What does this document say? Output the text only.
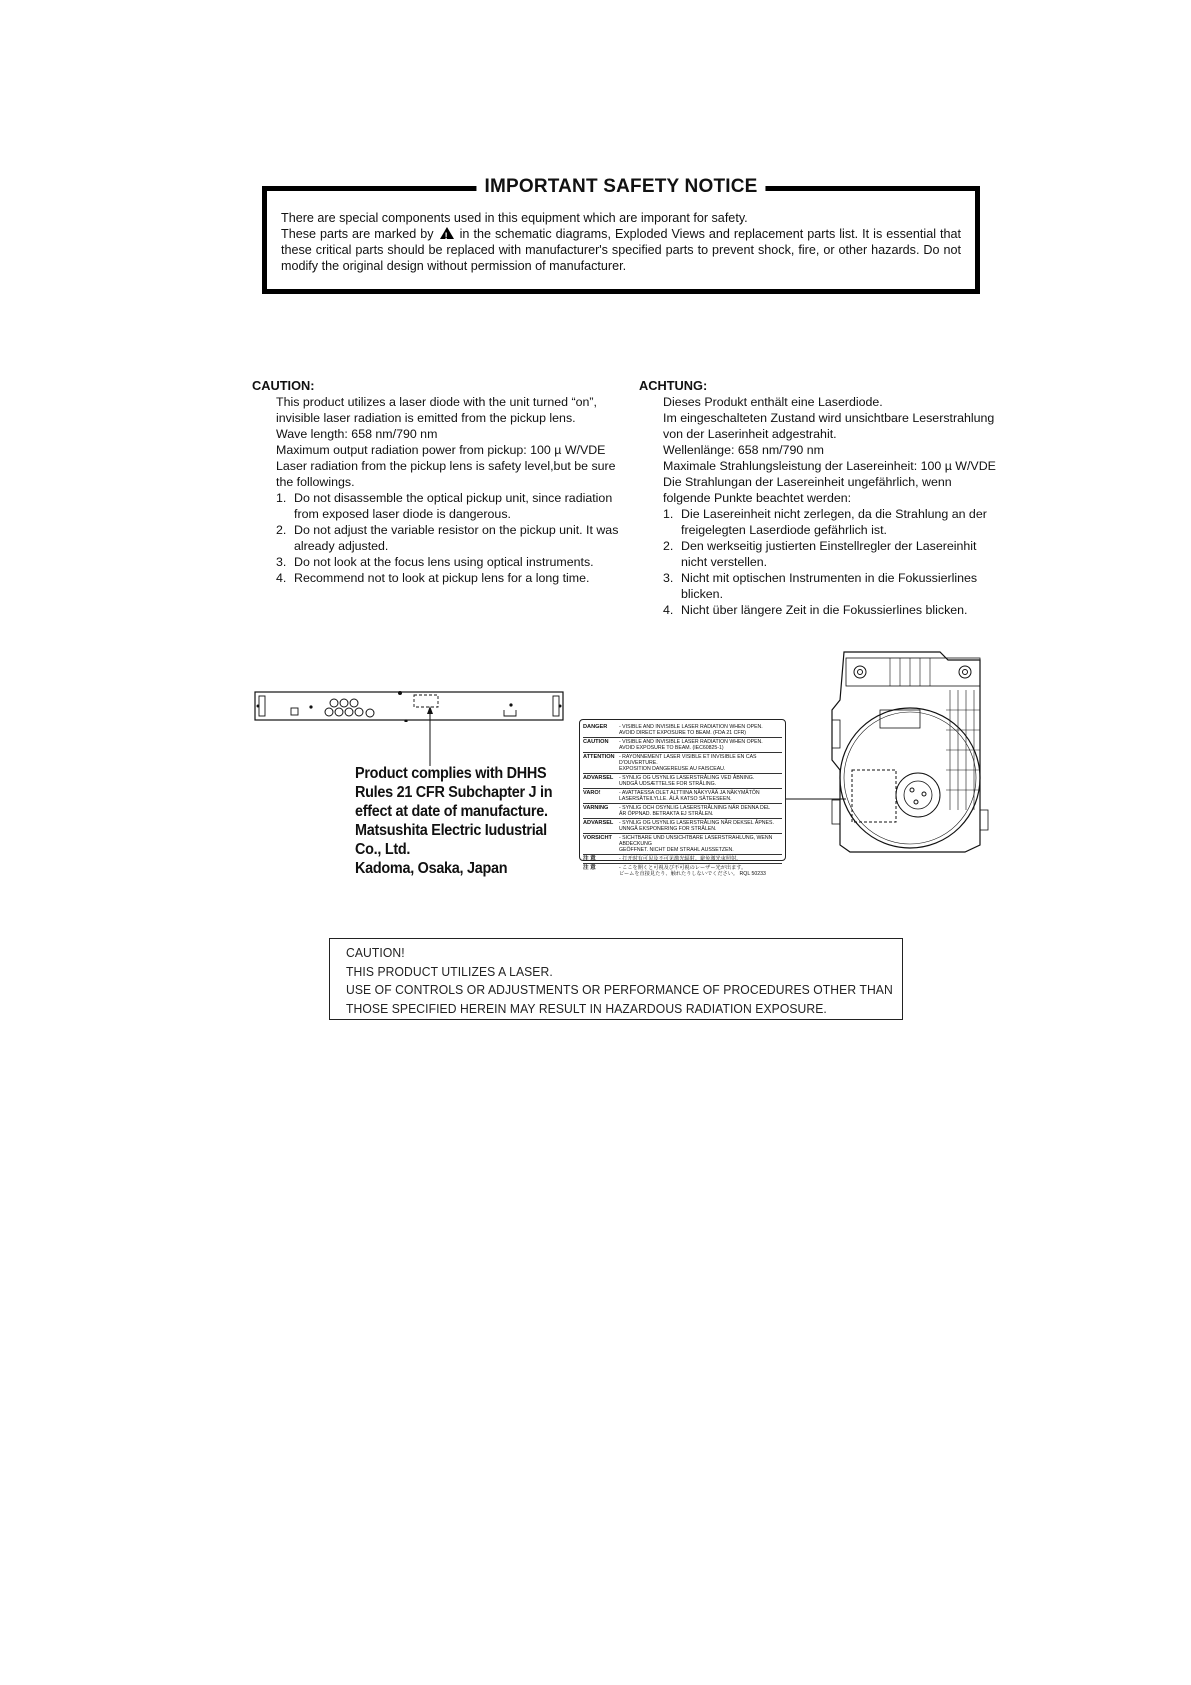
IMPORTANT SAFETY NOTICE

There are special components used in this equipment which are imporant for safety.
These parts are marked by ! in the schematic diagrams, Exploded Views and replacement parts list. It is essential that these critical parts should be replaced with manufacturer's specified parts to prevent shock, fire, or other hazards. Do not modify the original design without permission of manufacturer.

CAUTION:
This product utilizes a laser diode with the unit turned “on”, invisible laser radiation is emitted from the pickup lens.
Wave length: 658 nm/790 nm
Maximum output radiation power from pickup: 100 µ W/VDE
Laser radiation from the pickup lens is safety level,but be sure the followings.
1. Do not disassemble the optical pickup unit, since radiation from exposed laser diode is dangerous.
2. Do not adjust the variable resistor on the pickup unit. It was already adjusted.
3. Do not look at the focus lens using optical instruments.
4. Recommend not to look at pickup lens for a long time.
ACHTUNG:
Dieses Produkt enthält eine Laserdiode.
Im eingeschalteten Zustand wird unsichtbare Leserstrahlung von der Laserinheit adgestrahit.
Wellenlänge: 658 nm/790 nm
Maximale Strahlungsleistung der Lasereinheit: 100 µ W/VDE
Die Strahlungan der Lasereinheit ungefährlich, wenn folgende Punkte beachtet werden:
1. Die Lasereinheit nicht zerlegen, da die Strahlung an der freigelegten Laserdiode gefährlich ist.
2. Den werkseitig justierten Einstellregler der Lasereinhit nicht verstellen.
3. Nicht mit optischen Instrumenten in die Fokussierlines blicken.
4. Nicht über längere Zeit in die Fokussierlines blicken.
Product complies with DHHS
Rules 21 CFR Subchapter J in
effect at date of manufacture.
Matsushita Electric Iudustrial
Co., Ltd.
Kadoma, Osaka, Japan
DANGER	- VISIBLE AND INVISIBLE LASER RADIATION WHEN OPEN.
AVOID DIRECT EXPOSURE TO BEAM. (FDA 21 CFR)
CAUTION	- VISIBLE AND INVISIBLE LASER RADIATION WHEN OPEN.
AVOID EXPOSURE TO BEAM. (IEC60825-1)
ATTENTION - RAYONNEMENT LASER VISIBLE ET INVISIBLE EN CAS D'OUVERTURE.
EXPOSITION DANGEREUSE AU FAISCEAU.
ADVARSEL	- SYNLIG OG USYNLIG LASERSTRÅLING VED ÅBNING.
UNDGÅ UDSÆTTELSE FOR STRÅLING.
VARO!	- AVATTAESSA OLET ALTTIINA NÄKYVÄÄ JA NÄKYMÄTÖN
LASERSÄTEILYLLE. ÄLÄ KATSO SÄTEESEEN.
VARNING	- SYNLIG OCH OSYNLIG LASERSTRÅLNING NÄR DENNA DEL
ÄR ÖPPNAD. BETRAKTA EJ STRÅLEN.
ADVARSEL	- SYNLIG OG USYNLIG LASERSTRÅLING NÅR DEKSEL ÅPNES.
UNNGÅ EKSPONERING FOR STRÅLEN.
VORSICHT	- SICHTBARE UND UNSICHTBARE LASERSTRAHLUNG, WENN ABDECKUNG
GEÖFFNET. NICHT DEM STRAHL AUSSETZEN.
注 意	- 打开时有可见及不可见激光辐射。避免激光束照射。
注 意	- ここを開くと可視及び不可視のレーザー光が出ます。
ビームを直接見たり、触れたりしないでください。 RQL 50233
CAUTION!
THIS PRODUCT UTILIZES A LASER.
USE OF CONTROLS OR ADJUSTMENTS OR PERFORMANCE OF PROCEDURES OTHER THAN
THOSE SPECIFIED HEREIN MAY RESULT IN HAZARDOUS RADIATION EXPOSURE.
